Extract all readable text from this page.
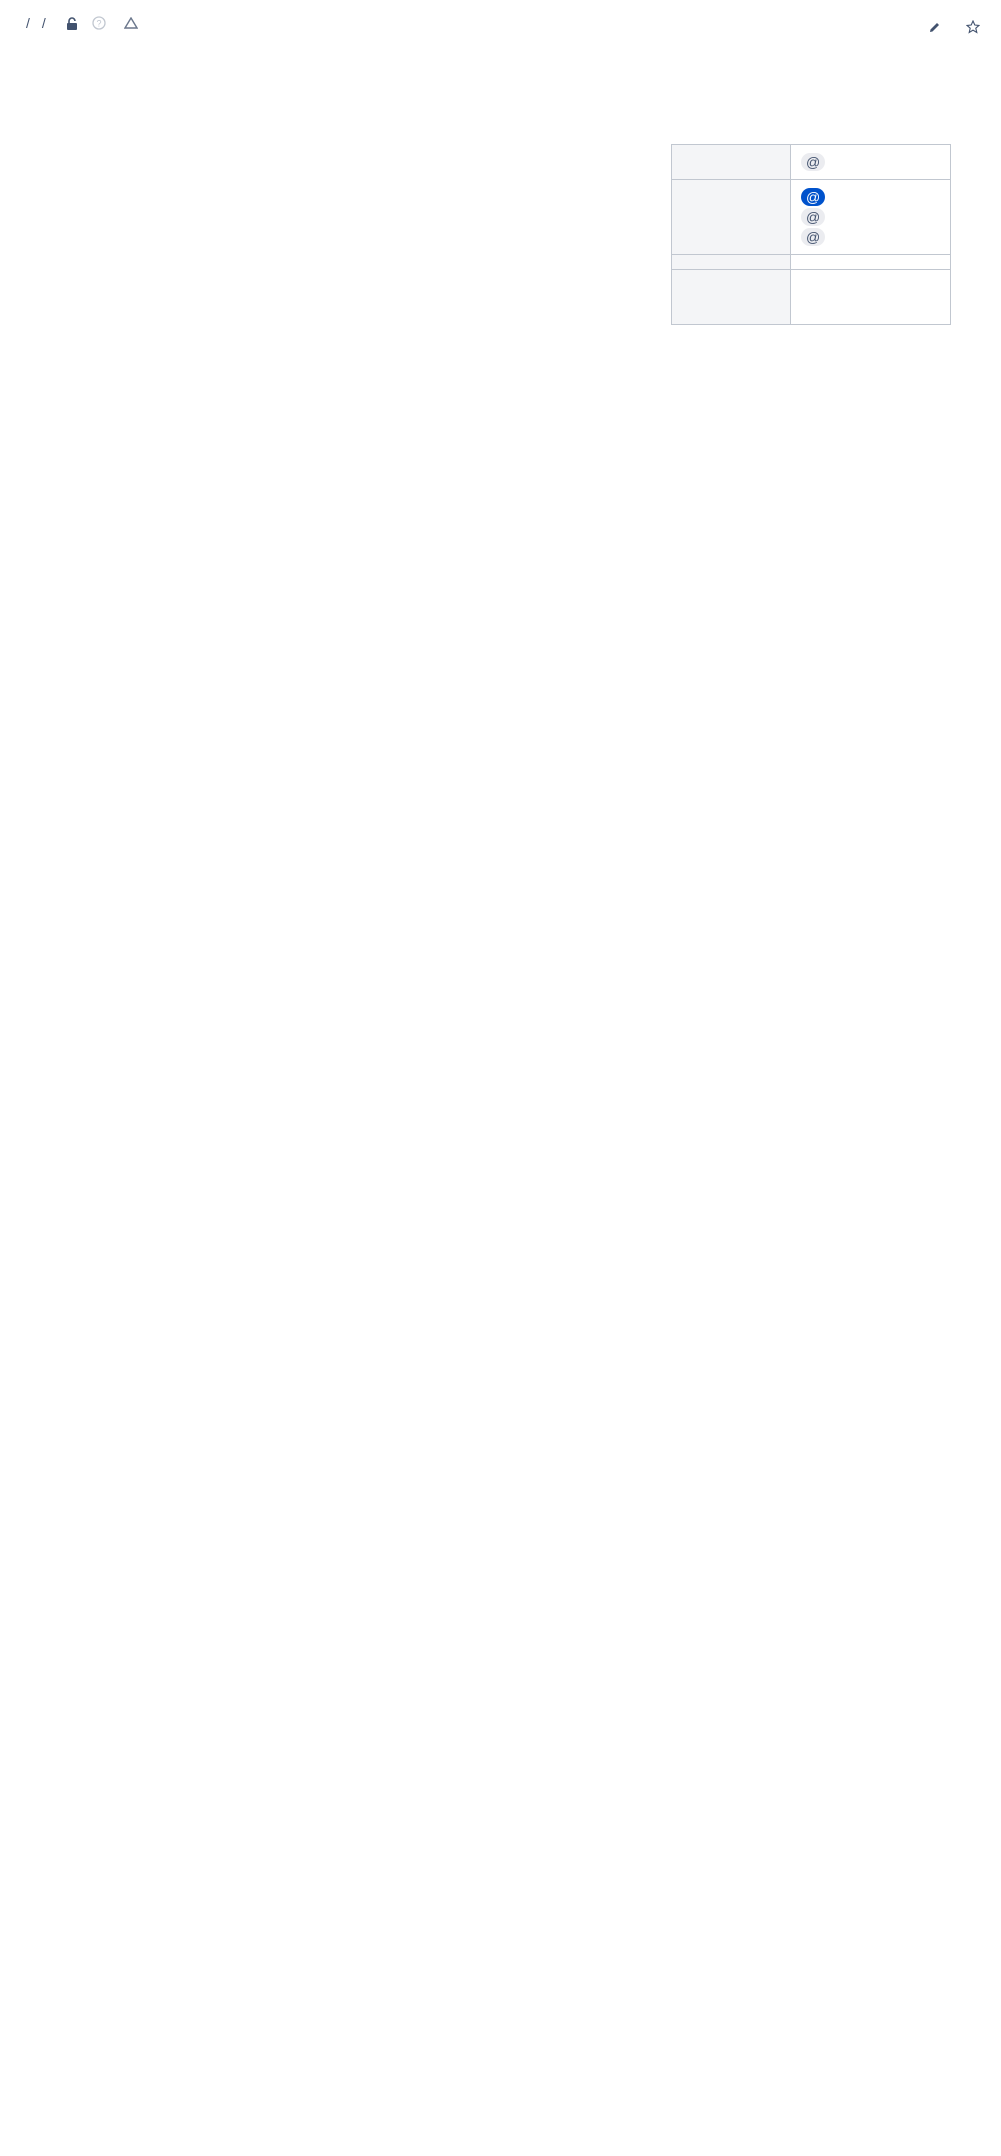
/ /	?
	@
	@
@
@
